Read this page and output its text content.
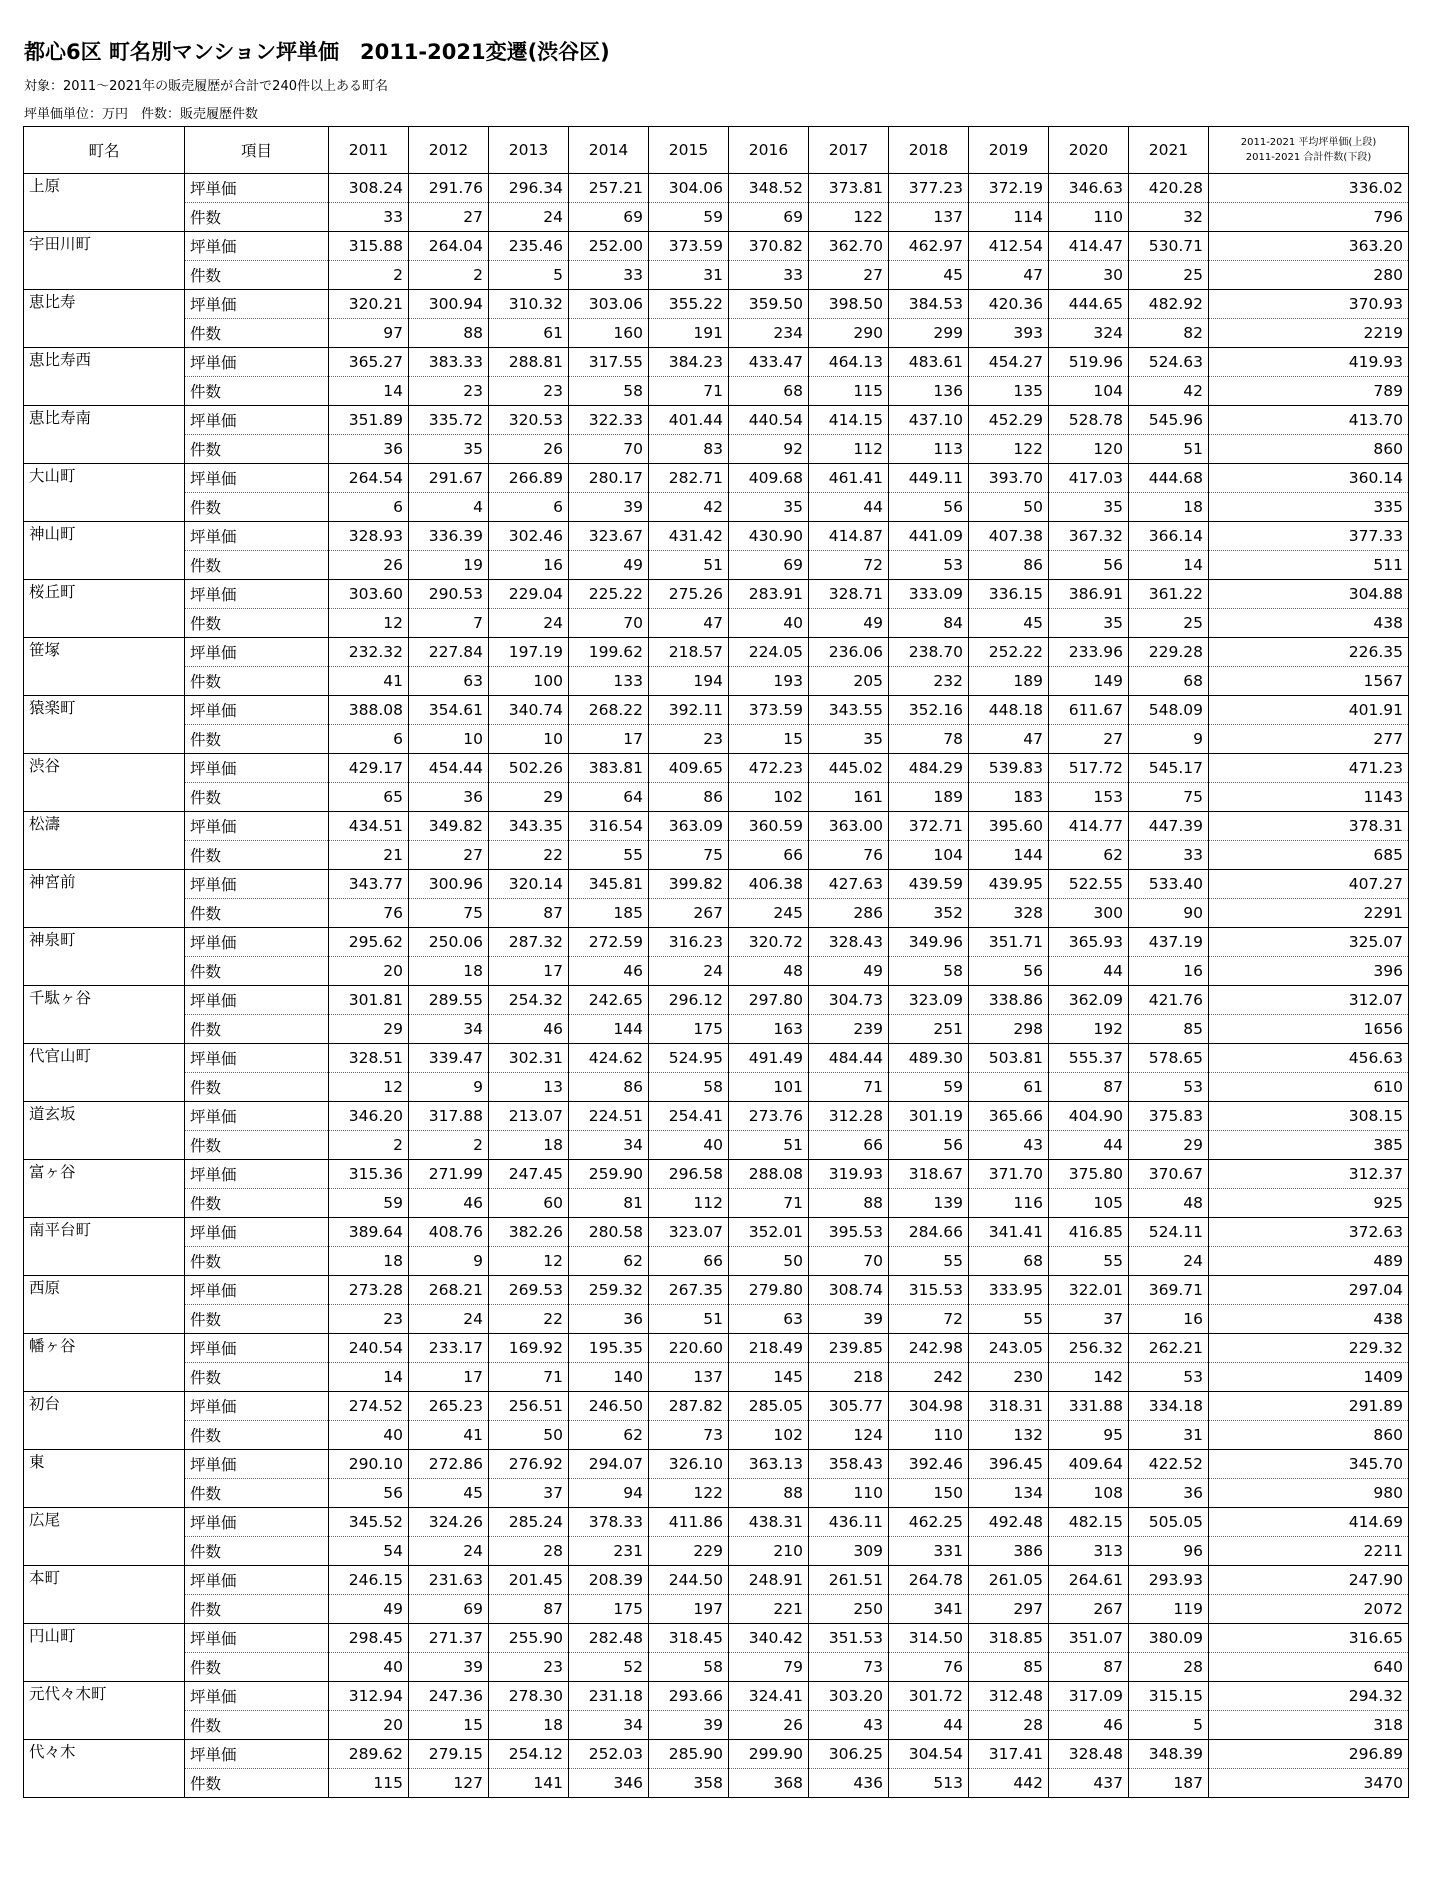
都心6区 町名別マンション坪単価　2011-2021変遷(渋谷区)
対象：2011～2021年の販売履歴が合計で240件以上ある町名
坪単価単位：万円　件数：販売履歴件数
町名	項目	2011	2012	2013	2014	2015	2016	2017	2018	2019	2020	2021	2011-2021 平均坪単価(上段)
2011-2021 合計件数(下段)

上原	坪単価	308.24	291.76	296.34	257.21	304.06	348.52	373.81	377.23	372.19	346.63	420.28	336.02
	件数	33	27	24	69	59	69	122	137	114	110	32	796
宇田川町	坪単価	315.88	264.04	235.46	252.00	373.59	370.82	362.70	462.97	412.54	414.47	530.71	363.20
	件数	2	2	5	33	31	33	27	45	47	30	25	280
恵比寿	坪単価	320.21	300.94	310.32	303.06	355.22	359.50	398.50	384.53	420.36	444.65	482.92	370.93
	件数	97	88	61	160	191	234	290	299	393	324	82	2219
恵比寿西	坪単価	365.27	383.33	288.81	317.55	384.23	433.47	464.13	483.61	454.27	519.96	524.63	419.93
	件数	14	23	23	58	71	68	115	136	135	104	42	789
恵比寿南	坪単価	351.89	335.72	320.53	322.33	401.44	440.54	414.15	437.10	452.29	528.78	545.96	413.70
	件数	36	35	26	70	83	92	112	113	122	120	51	860
大山町	坪単価	264.54	291.67	266.89	280.17	282.71	409.68	461.41	449.11	393.70	417.03	444.68	360.14
	件数	6	4	6	39	42	35	44	56	50	35	18	335
神山町	坪単価	328.93	336.39	302.46	323.67	431.42	430.90	414.87	441.09	407.38	367.32	366.14	377.33
	件数	26	19	16	49	51	69	72	53	86	56	14	511
桜丘町	坪単価	303.60	290.53	229.04	225.22	275.26	283.91	328.71	333.09	336.15	386.91	361.22	304.88
	件数	12	7	24	70	47	40	49	84	45	35	25	438
笹塚	坪単価	232.32	227.84	197.19	199.62	218.57	224.05	236.06	238.70	252.22	233.96	229.28	226.35
	件数	41	63	100	133	194	193	205	232	189	149	68	1567
猿楽町	坪単価	388.08	354.61	340.74	268.22	392.11	373.59	343.55	352.16	448.18	611.67	548.09	401.91
	件数	6	10	10	17	23	15	35	78	47	27	9	277
渋谷	坪単価	429.17	454.44	502.26	383.81	409.65	472.23	445.02	484.29	539.83	517.72	545.17	471.23
	件数	65	36	29	64	86	102	161	189	183	153	75	1143
松濤	坪単価	434.51	349.82	343.35	316.54	363.09	360.59	363.00	372.71	395.60	414.77	447.39	378.31
	件数	21	27	22	55	75	66	76	104	144	62	33	685
神宮前	坪単価	343.77	300.96	320.14	345.81	399.82	406.38	427.63	439.59	439.95	522.55	533.40	407.27
	件数	76	75	87	185	267	245	286	352	328	300	90	2291
神泉町	坪単価	295.62	250.06	287.32	272.59	316.23	320.72	328.43	349.96	351.71	365.93	437.19	325.07
	件数	20	18	17	46	24	48	49	58	56	44	16	396
千駄ヶ谷	坪単価	301.81	289.55	254.32	242.65	296.12	297.80	304.73	323.09	338.86	362.09	421.76	312.07
	件数	29	34	46	144	175	163	239	251	298	192	85	1656
代官山町	坪単価	328.51	339.47	302.31	424.62	524.95	491.49	484.44	489.30	503.81	555.37	578.65	456.63
	件数	12	9	13	86	58	101	71	59	61	87	53	610
道玄坂	坪単価	346.20	317.88	213.07	224.51	254.41	273.76	312.28	301.19	365.66	404.90	375.83	308.15
	件数	2	2	18	34	40	51	66	56	43	44	29	385
富ヶ谷	坪単価	315.36	271.99	247.45	259.90	296.58	288.08	319.93	318.67	371.70	375.80	370.67	312.37
	件数	59	46	60	81	112	71	88	139	116	105	48	925
南平台町	坪単価	389.64	408.76	382.26	280.58	323.07	352.01	395.53	284.66	341.41	416.85	524.11	372.63
	件数	18	9	12	62	66	50	70	55	68	55	24	489
西原	坪単価	273.28	268.21	269.53	259.32	267.35	279.80	308.74	315.53	333.95	322.01	369.71	297.04
	件数	23	24	22	36	51	63	39	72	55	37	16	438
幡ヶ谷	坪単価	240.54	233.17	169.92	195.35	220.60	218.49	239.85	242.98	243.05	256.32	262.21	229.32
	件数	14	17	71	140	137	145	218	242	230	142	53	1409
初台	坪単価	274.52	265.23	256.51	246.50	287.82	285.05	305.77	304.98	318.31	331.88	334.18	291.89
	件数	40	41	50	62	73	102	124	110	132	95	31	860
東	坪単価	290.10	272.86	276.92	294.07	326.10	363.13	358.43	392.46	396.45	409.64	422.52	345.70
	件数	56	45	37	94	122	88	110	150	134	108	36	980
広尾	坪単価	345.52	324.26	285.24	378.33	411.86	438.31	436.11	462.25	492.48	482.15	505.05	414.69
	件数	54	24	28	231	229	210	309	331	386	313	96	2211
本町	坪単価	246.15	231.63	201.45	208.39	244.50	248.91	261.51	264.78	261.05	264.61	293.93	247.90
	件数	49	69	87	175	197	221	250	341	297	267	119	2072
円山町	坪単価	298.45	271.37	255.90	282.48	318.45	340.42	351.53	314.50	318.85	351.07	380.09	316.65
	件数	40	39	23	52	58	79	73	76	85	87	28	640
元代々木町	坪単価	312.94	247.36	278.30	231.18	293.66	324.41	303.20	301.72	312.48	317.09	315.15	294.32
	件数	20	15	18	34	39	26	43	44	28	46	5	318
代々木	坪単価	289.62	279.15	254.12	252.03	285.90	299.90	306.25	304.54	317.41	328.48	348.39	296.89
	件数	115	127	141	346	358	368	436	513	442	437	187	3470
